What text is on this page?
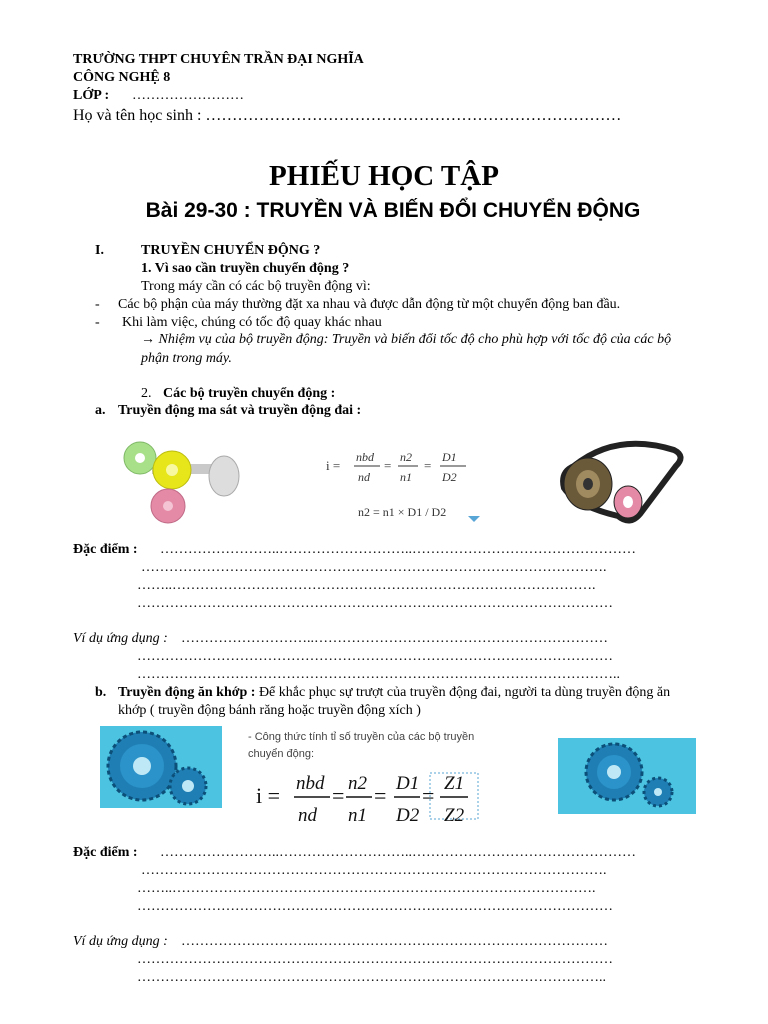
TRƯỜNG THPT CHUYÊN TRẦN ĐẠI NGHĨA
CÔNG NGHỆ 8
LỚP : ……………………
Họ và tên học sinh : ……………………………………………………………………
PHIẾU HỌC TẬP
Bài 29-30 : TRUYỀN VÀ BIẾN ĐỔI CHUYỂN ĐỘNG
I.	TRUYỀN CHUYỂN ĐỘNG ?
1. Vì sao cần truyền chuyển động ?
Trong máy cần có các bộ truyền động vì:
- Các bộ phận của máy thường đặt xa nhau và được dẫn động từ một chuyển động ban đầu.
- Khi làm việc, chúng có tốc độ quay khác nhau
→ Nhiệm vụ của bộ truyền động: Truyền và biến đổi tốc độ cho phù hợp với tốc độ của các bộ
phận trong máy.
2. Các bộ truyền chuyển động :
a. Truyền động ma sát và truyền động đai :
i =
nbd
nd
=
n2
n1
=
D1
D2
n2 = n1 × D1 / D2
Đặc điểm : ……………………..………………………..…………………………………………
……………………………………………………………………………………….
……..……………………………………………………………………………….
…………………………………………………………………………………………
Ví dụ ứng dụng : ………………………..………………………………………………………
…………………………………………………………………………………………
…………………………………………………………………………………………..
b. Truyền động ăn khớp : Để khắc phục sự trượt của truyền động đai, người ta dùng truyền động ăn
khớp ( truyền động bánh răng hoặc truyền động xích )
- Công thức tính tỉ số truyền của các bộ truyền
chuyển động:
i = nbd
nd
= n2
n1
= D1
D2
= Z1
Z2
Đặc điểm : ……………………..………………………..…………………………………………
……………………………………………………………………………………….
……..……………………………………………………………………………….
…………………………………………………………………………………………
Ví dụ ứng dụng : ………………………..………………………………………………………
…………………………………………………………………………………………
………………………………………………………………………………………..
